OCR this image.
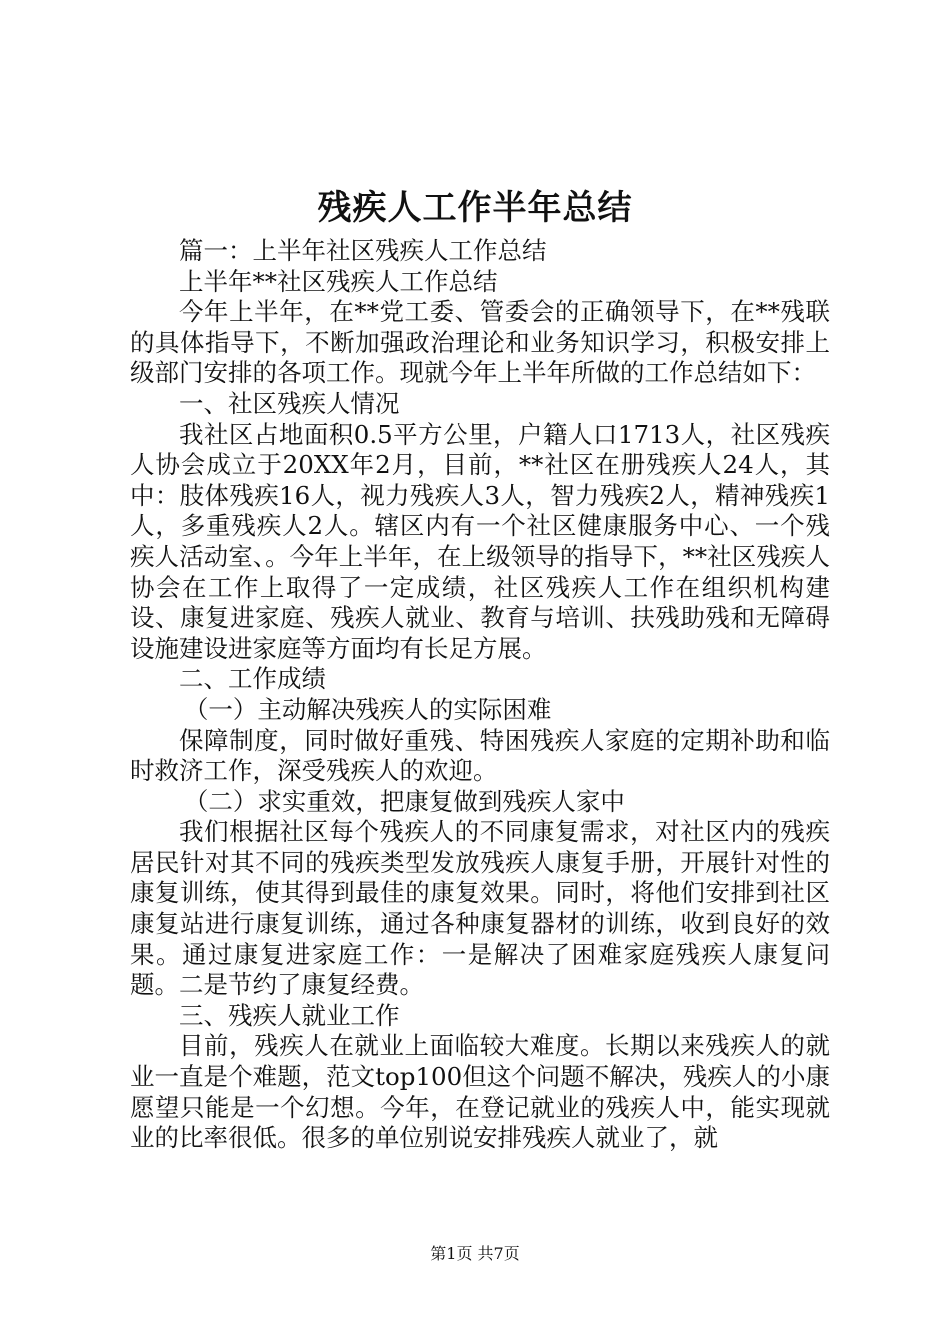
残疾人工作半年总结

篇一：上半年社区残疾人工作总结

上半年**社区残疾人工作总结

今年上半年，在**党工委、管委会的正确领导下，在**残联的具体指导下，不断加强政治理论和业务知识学习，积极安排上级部门安排的各项工作。现就今年上半年所做的工作总结如下：

一、社区残疾人情况

我社区占地面积0.5平方公里，户籍人口1713人，社区残疾人协会成立于20XX年2月，目前，**社区在册残疾人24人，其中：肢体残疾16人，视力残疾人3人，智力残疾2人，精神残疾1人，多重残疾人2人。辖区内有一个社区健康服务中心、一个残疾人活动室、。今年上半年，在上级领导的指导下，**社区残疾人协会在工作上取得了一定成绩，社区残疾人工作在组织机构建设、康复进家庭、残疾人就业、教育与培训、扶残助残和无障碍设施建设进家庭等方面均有长足方展。

二、工作成绩

（一）主动解决残疾人的实际困难

保障制度，同时做好重残、特困残疾人家庭的定期补助和临时救济工作，深受残疾人的欢迎。

（二）求实重效，把康复做到残疾人家中

我们根据社区每个残疾人的不同康复需求，对社区内的残疾居民针对其不同的残疾类型发放残疾人康复手册，开展针对性的康复训练，使其得到最佳的康复效果。同时，将他们安排到社区康复站进行康复训练，通过各种康复器材的训练，收到良好的效果。通过康复进家庭工作：一是解决了困难家庭残疾人康复问题。二是节约了康复经费。

三、残疾人就业工作

目前，残疾人在就业上面临较大难度。长期以来残疾人的就业一直是个难题，范文top100但这个问题不解决，残疾人的小康愿望只能是一个幻想。今年，在登记就业的残疾人中，能实现就业的比率很低。很多的单位别说安排残疾人就业了，就

第1页 共7页
